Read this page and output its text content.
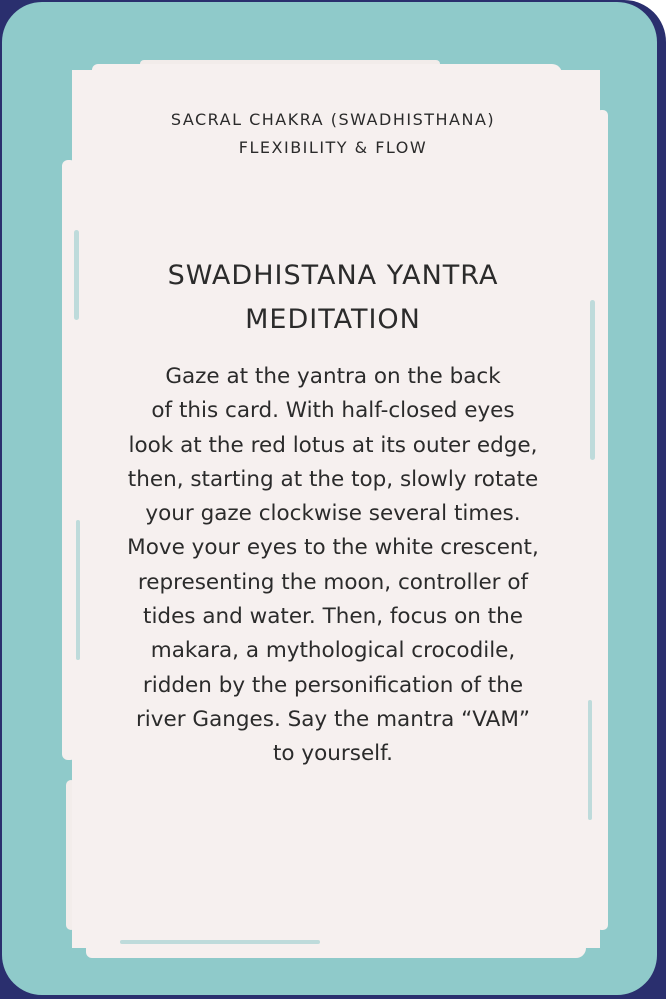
SACRAL CHAKRA (SWADHISTHANA)
FLEXIBILITY & FLOW
SWADHISTANA YANTRA
MEDITATION
Gaze at the yantra on the back
of this card. With half-closed eyes
look at the red lotus at its outer edge,
then, starting at the top, slowly rotate
your gaze clockwise several times.
Move your eyes to the white crescent,
representing the moon, controller of
tides and water. Then, focus on the
makara, a mythological crocodile,
ridden by the personification of the
river Ganges. Say the mantra “VAM”
to yourself.
